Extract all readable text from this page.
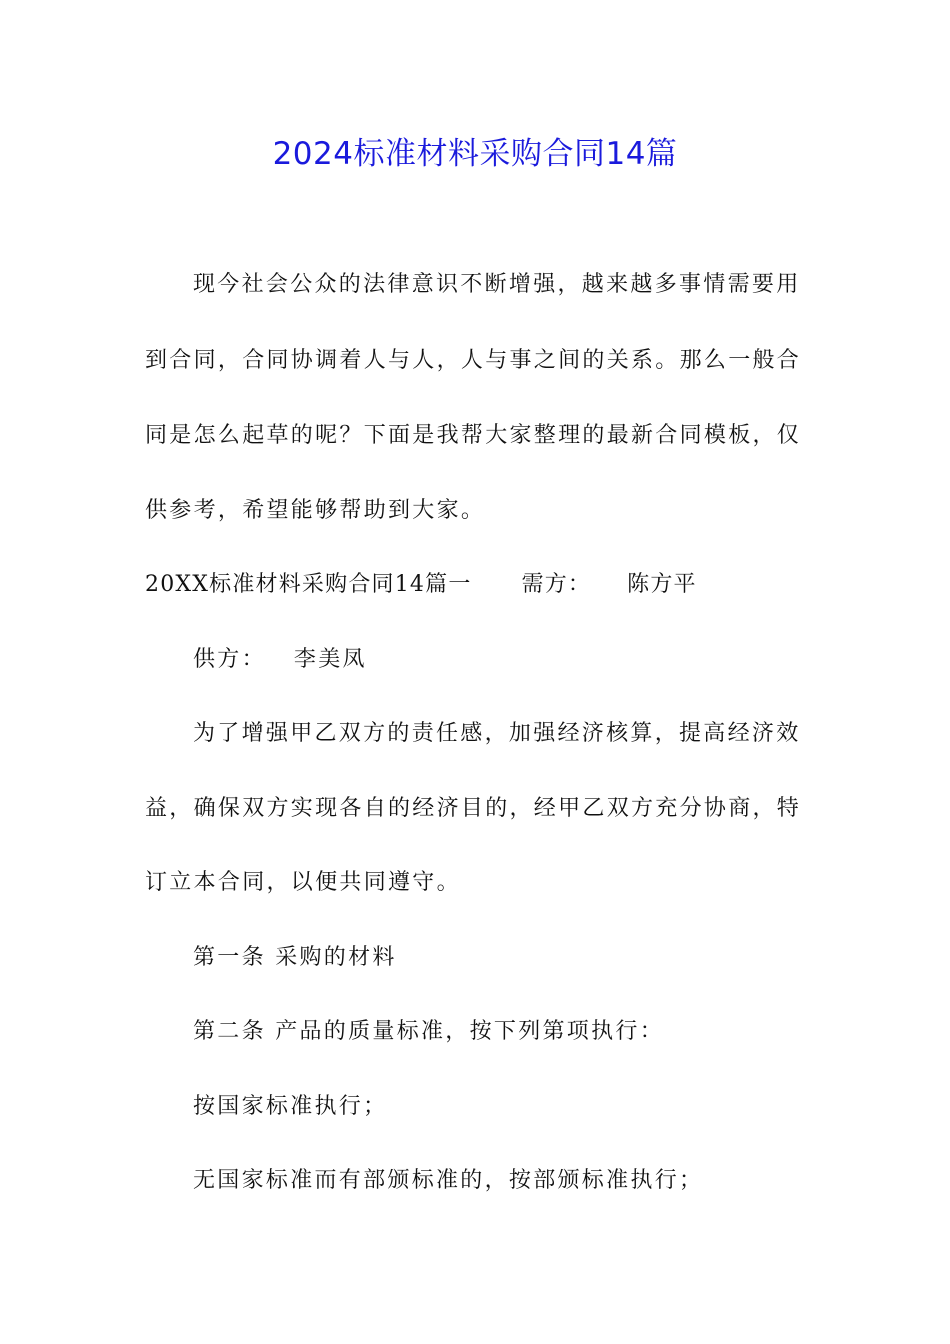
2024标准材料采购合同14篇
现今社会公众的法律意识不断增强，越来越多事情需要用
到合同，合同协调着人与人，人与事之间的关系。那么一般合
同是怎么起草的呢？下面是我帮大家整理的最新合同模板，仅
供参考，希望能够帮助到大家。
20XX标准材料采购合同14篇一 需方： 陈方平
供方： 李美凤
为了增强甲乙双方的责任感，加强经济核算，提高经济效
益，确保双方实现各自的经济目的，经甲乙双方充分协商，特
订立本合同，以便共同遵守。
第一条 采购的材料
第二条 产品的质量标准，按下列第项执行：
按国家标准执行；
无国家标准而有部颁标准的，按部颁标准执行；
